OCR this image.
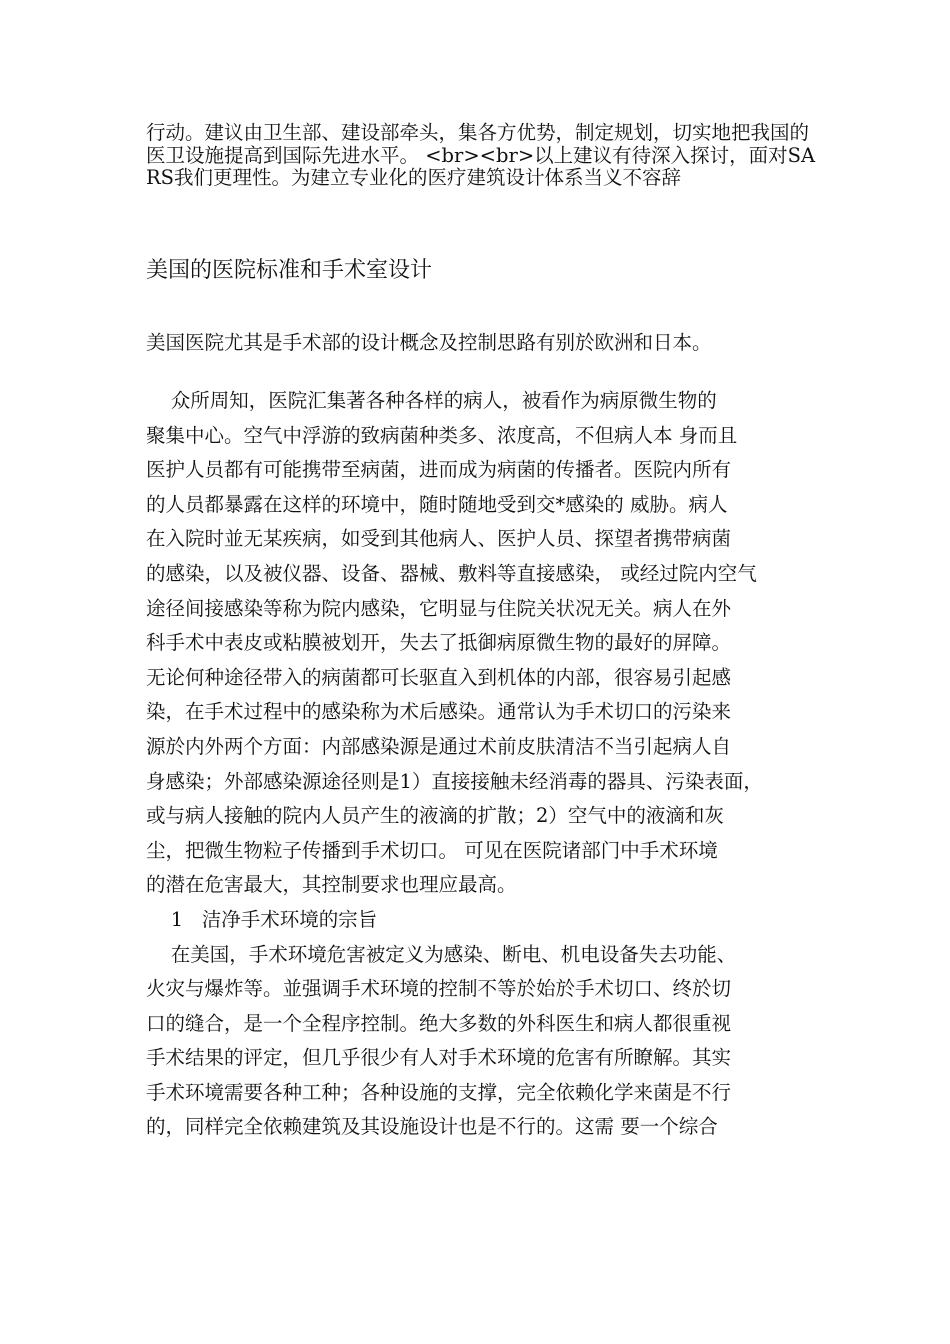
行动。建议由卫生部、建设部牵头，集各方优势，制定规划，切实地把我国的医卫设施提高到国际先进水平。 <br><br>以上建议有待深入探讨，面对SARS我们更理性。为建立专业化的医疗建筑设计体系当义不容辞

美国的医院标准和手术室设计

美国医院尤其是手术部的设计概念及控制思路有别於欧洲和日本。

众所周知，医院汇集著各种各样的病人，被看作为病原微生物的
聚集中心。空气中浮游的致病菌种类多、浓度高，不但病人本 身而且
医护人员都有可能携带至病菌，进而成为病菌的传播者。医院内所有
的人员都暴露在这样的环境中，随时随地受到交*感染的 威胁。病人
在入院时並无某疾病，如受到其他病人、医护人员、探望者携带病菌
的感染，以及被仪器、设备、器械、敷料等直接感染， 或经过院内空气
途径间接感染等称为院内感染，它明显与住院关状况无关。病人在外
科手术中表皮或粘膜被划开，失去了抵御病原微生物的最好的屏障。
无论何种途径带入的病菌都可长驱直入到机体的内部，很容易引起感
染，在手术过程中的感染称为术后感染。通常认为手术切口的污染来
源於内外两个方面：内部感染源是通过术前皮肤清洁不当引起病人自
身感染；外部感染源途径则是1）直接接触未经消毒的器具、污染表面，
或与病人接触的院内人员产生的液滴的扩散；2）空气中的液滴和灰
尘，把微生物粒子传播到手术切口。 可见在医院诸部门中手术环境
的潜在危害最大，其控制要求也理应最高。
1   洁净手术环境的宗旨
在美国，手术环境危害被定义为感染、断电、机电设备失去功能、
火灾与爆炸等。並强调手术环境的控制不等於始於手术切口、终於切
口的缝合，是一个全程序控制。绝大多数的外科医生和病人都很重视
手术结果的评定，但几乎很少有人对手术环境的危害有所瞭解。其实
手术环境需要各种工种；各种设施的支撑，完全依赖化学来菌是不行
的，同样完全依赖建筑及其设施设计也是不行的。这需 要一个综合
